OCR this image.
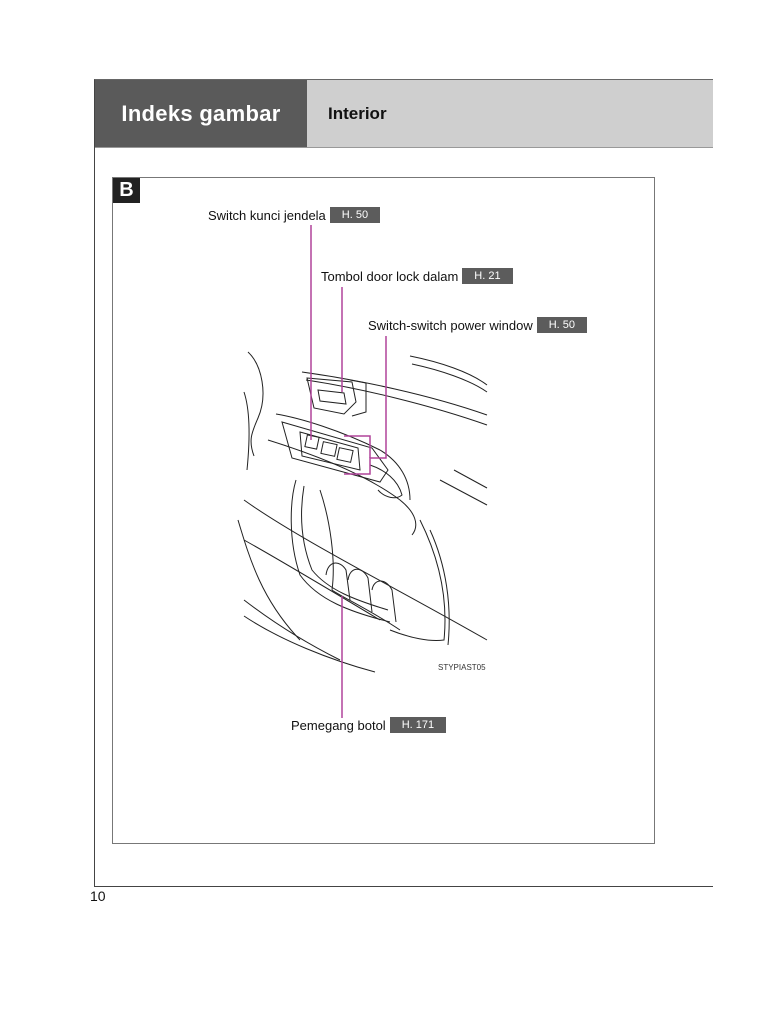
Indeks gambar	Interior
B
Switch kunci jendela	H. 50
Tombol door lock dalam	H. 21
Switch-switch power window	H. 50
Pemegang botol	H. 171
STYPIAST05
10
